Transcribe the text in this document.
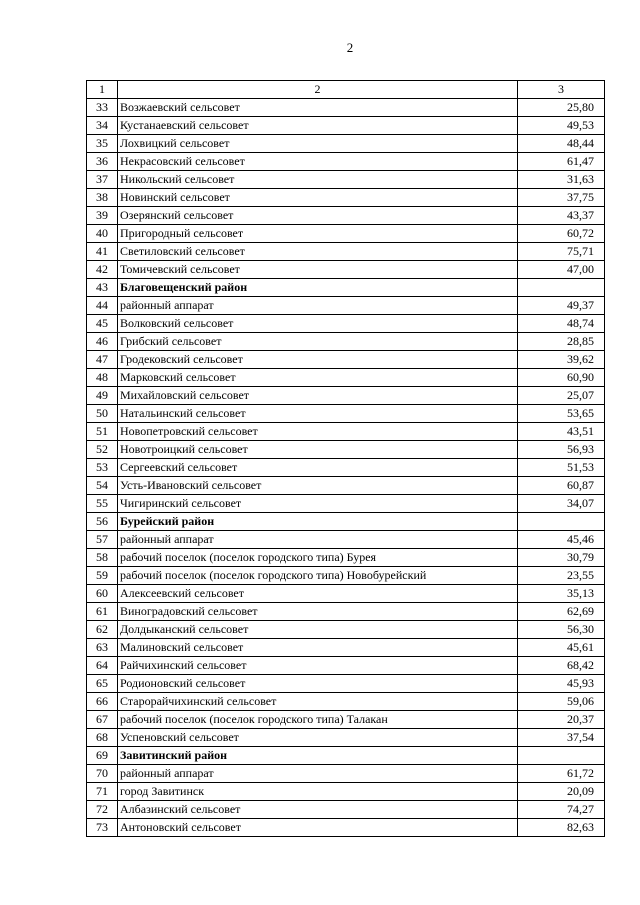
2
1	2	3
33	Возжаевский сельсовет	25,80
34	Кустанаевский сельсовет	49,53
35	Лохвицкий сельсовет	48,44
36	Некрасовский сельсовет	61,47
37	Никольский сельсовет	31,63
38	Новинский сельсовет	37,75
39	Озерянский сельсовет	43,37
40	Пригородный сельсовет	60,72
41	Светиловский сельсовет	75,71
42	Томичевский сельсовет	47,00
43	Благовещенский район	
44	районный аппарат	49,37
45	Волковский сельсовет	48,74
46	Грибский сельсовет	28,85
47	Гродековский сельсовет	39,62
48	Марковский сельсовет	60,90
49	Михайловский сельсовет	25,07
50	Натальинский сельсовет	53,65
51	Новопетровский сельсовет	43,51
52	Новотроицкий сельсовет	56,93
53	Сергеевский сельсовет	51,53
54	Усть-Ивановский сельсовет	60,87
55	Чигиринский сельсовет	34,07
56	Бурейский район	
57	районный аппарат	45,46
58	рабочий поселок (поселок городского типа) Бурея	30,79
59	рабочий поселок (поселок городского типа) Новобурейский	23,55
60	Алексеевский сельсовет	35,13
61	Виноградовский сельсовет	62,69
62	Долдыканский сельсовет	56,30
63	Малиновский сельсовет	45,61
64	Райчихинский сельсовет	68,42
65	Родионовский сельсовет	45,93
66	Старорайчихинский сельсовет	59,06
67	рабочий поселок (поселок городского типа) Талакан	20,37
68	Успеновский сельсовет	37,54
69	Завитинский район	
70	районный аппарат	61,72
71	город Завитинск	20,09
72	Албазинский сельсовет	74,27
73	Антоновский сельсовет	82,63
